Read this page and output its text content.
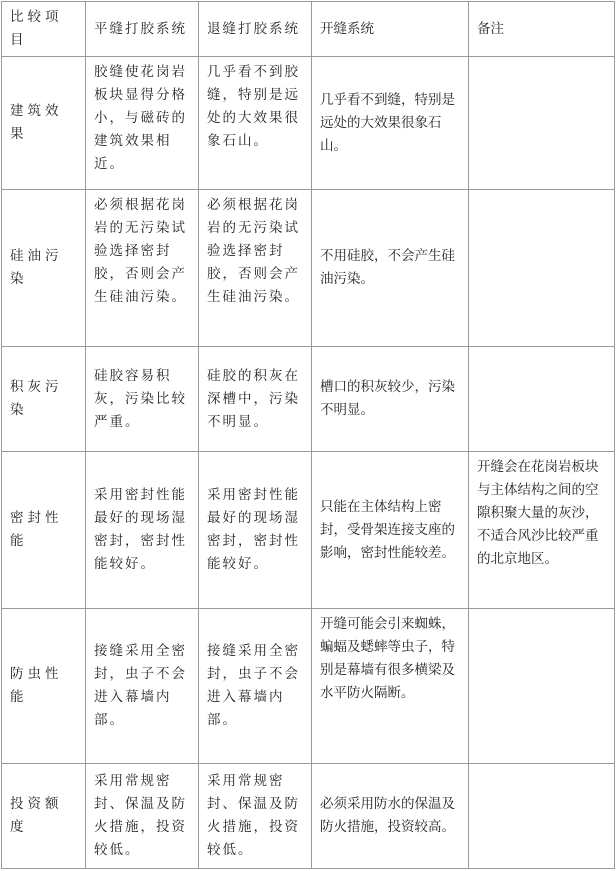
比较项目	平缝打胶系统	退缝打胶系统	开缝系统	备注
建筑效果	胶缝使花岗岩板块显得分格小，与磁砖的建筑效果相近。	几乎看不到胶缝，特别是远处的大效果很象石山。	几乎看不到缝，特别是远处的大效果很象石山。	
硅油污染	必须根据花岗岩的无污染试验选择密封胶，否则会产生硅油污染。	必须根据花岗岩的无污染试验选择密封胶，否则会产生硅油污染。	不用硅胶，不会产生硅油污染。	
积灰污染	硅胶容易积灰，污染比较严重。	硅胶的积灰在深槽中，污染不明显。	槽口的积灰较少，污染不明显。	
密封性能	采用密封性能最好的现场湿密封，密封性能较好。	采用密封性能最好的现场湿密封，密封性能较好。	只能在主体结构上密封，受骨架连接支座的影响，密封性能较差。	开缝会在花岗岩板块与主体结构之间的空隙积聚大量的灰沙，不适合风沙比较严重的北京地区。
防虫性能	接缝采用全密封，虫子不会进入幕墙内部。	接缝采用全密封，虫子不会进入幕墙内部。	开缝可能会引来蜘蛛，蝙蝠及蟋蟀等虫子，特别是幕墙有很多横梁及水平防火隔断。	
投资额度	采用常规密封、保温及防火措施，投资较低。	采用常规密封、保温及防火措施，投资较低。	必须采用防水的保温及防火措施，投资较高。	
